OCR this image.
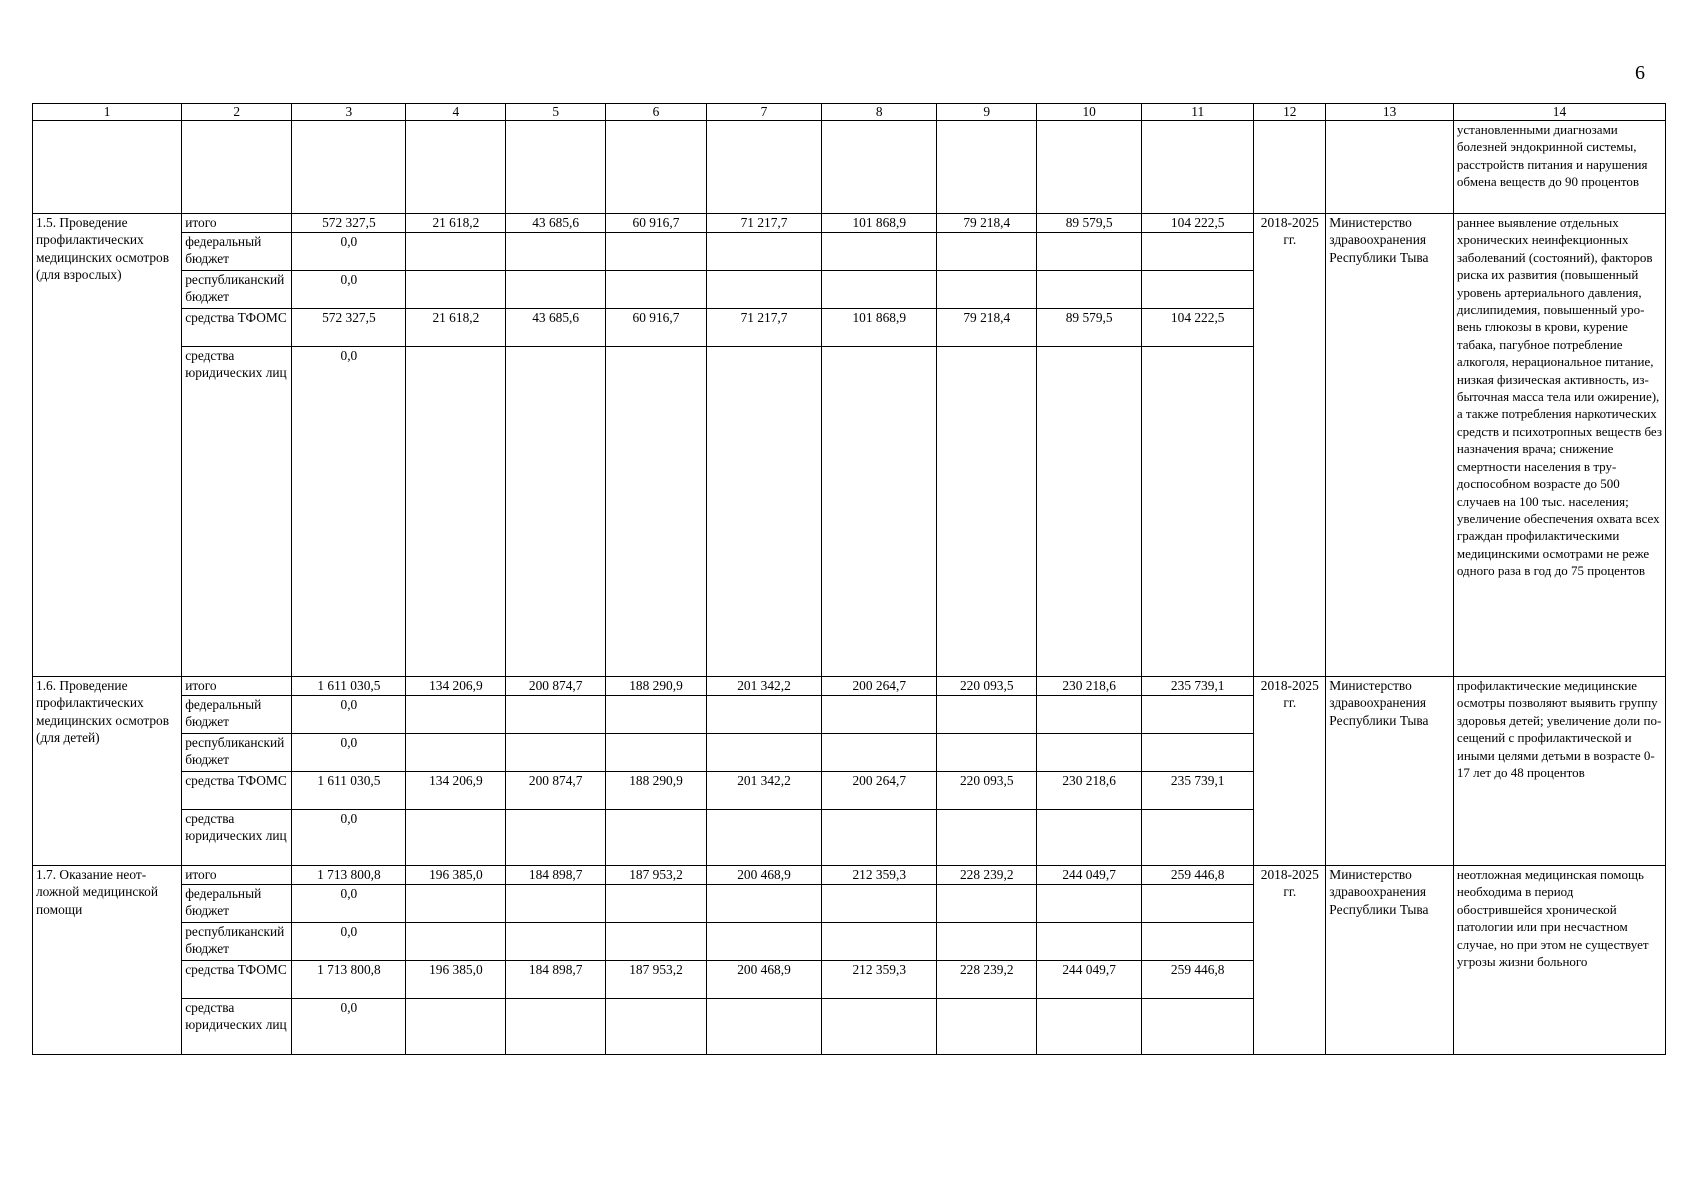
6
1	2	3	4	5	6	7	8	9	10	11	12	13	14
													установленными диагнозами болезней эндокринной системы, расстройств питания и нарушения обмена веществ до 90 процентов
1.5. Проведение профилактических медицинских осмотров (для взрослых)	итого	572 327,5	21 618,2	43 685,6	60 916,7	71 217,7	101 868,9	79 218,4	89 579,5	104 222,5	2018-2025 гг.	Министерство здравоохранения Республики Тыва	раннее выявление отдельных хронических неинфекционных заболеваний (состояний), факторов риска их развития (повышенный уровень артериального давления, дислипидемия, повышенный уровень глюкозы в крови, курение табака, пагубное потребление алкоголя, нерациональное питание, низкая физическая активность, избыточная масса тела или ожирение), а также потребления наркотических средств и психотропных веществ без назначения врача; снижение смертности населения в трудоспособном возрасте до 500 случаев на 100 тыс. населения; увеличение обеспечения охвата всех граждан профилактическими медицинскими осмотрами не реже одного раза в год до 75 процентов
	федеральный бюджет	0,0											
	республиканский бюджет	0,0											
	средства ТФОМС	572 327,5	21 618,2	43 685,6	60 916,7	71 217,7	101 868,9	79 218,4	89 579,5	104 222,5			
	средства юридических лиц	0,0											
1.6. Проведение профилактических медицинских осмотров (для детей)	итого	1 611 030,5	134 206,9	200 874,7	188 290,9	201 342,2	200 264,7	220 093,5	230 218,6	235 739,1	2018-2025 гг.	Министерство здравоохранения Республики Тыва	профилактические медицинские осмотры позволяют выявить группу здоровья детей; увеличение доли посещений с профилактической и иными целями детьми в возрасте 0-17 лет до 48 процентов
	федеральный бюджет	0,0											
	республиканский бюджет	0,0											
	средства ТФОМС	1 611 030,5	134 206,9	200 874,7	188 290,9	201 342,2	200 264,7	220 093,5	230 218,6	235 739,1			
	средства юридических лиц	0,0											
1.7. Оказание неотложной медицинской помощи	итого	1 713 800,8	196 385,0	184 898,7	187 953,2	200 468,9	212 359,3	228 239,2	244 049,7	259 446,8	2018-2025 гг.	Министерство здравоохранения Республики Тыва	неотложная медицинская помощь необходима в период обострившейся хронической патологии или при несчастном случае, но при этом не существует угрозы жизни больного
	федеральный бюджет	0,0											
	республиканский бюджет	0,0											
	средства ТФОМС	1 713 800,8	196 385,0	184 898,7	187 953,2	200 468,9	212 359,3	228 239,2	244 049,7	259 446,8			
	средства юридических лиц	0,0											
